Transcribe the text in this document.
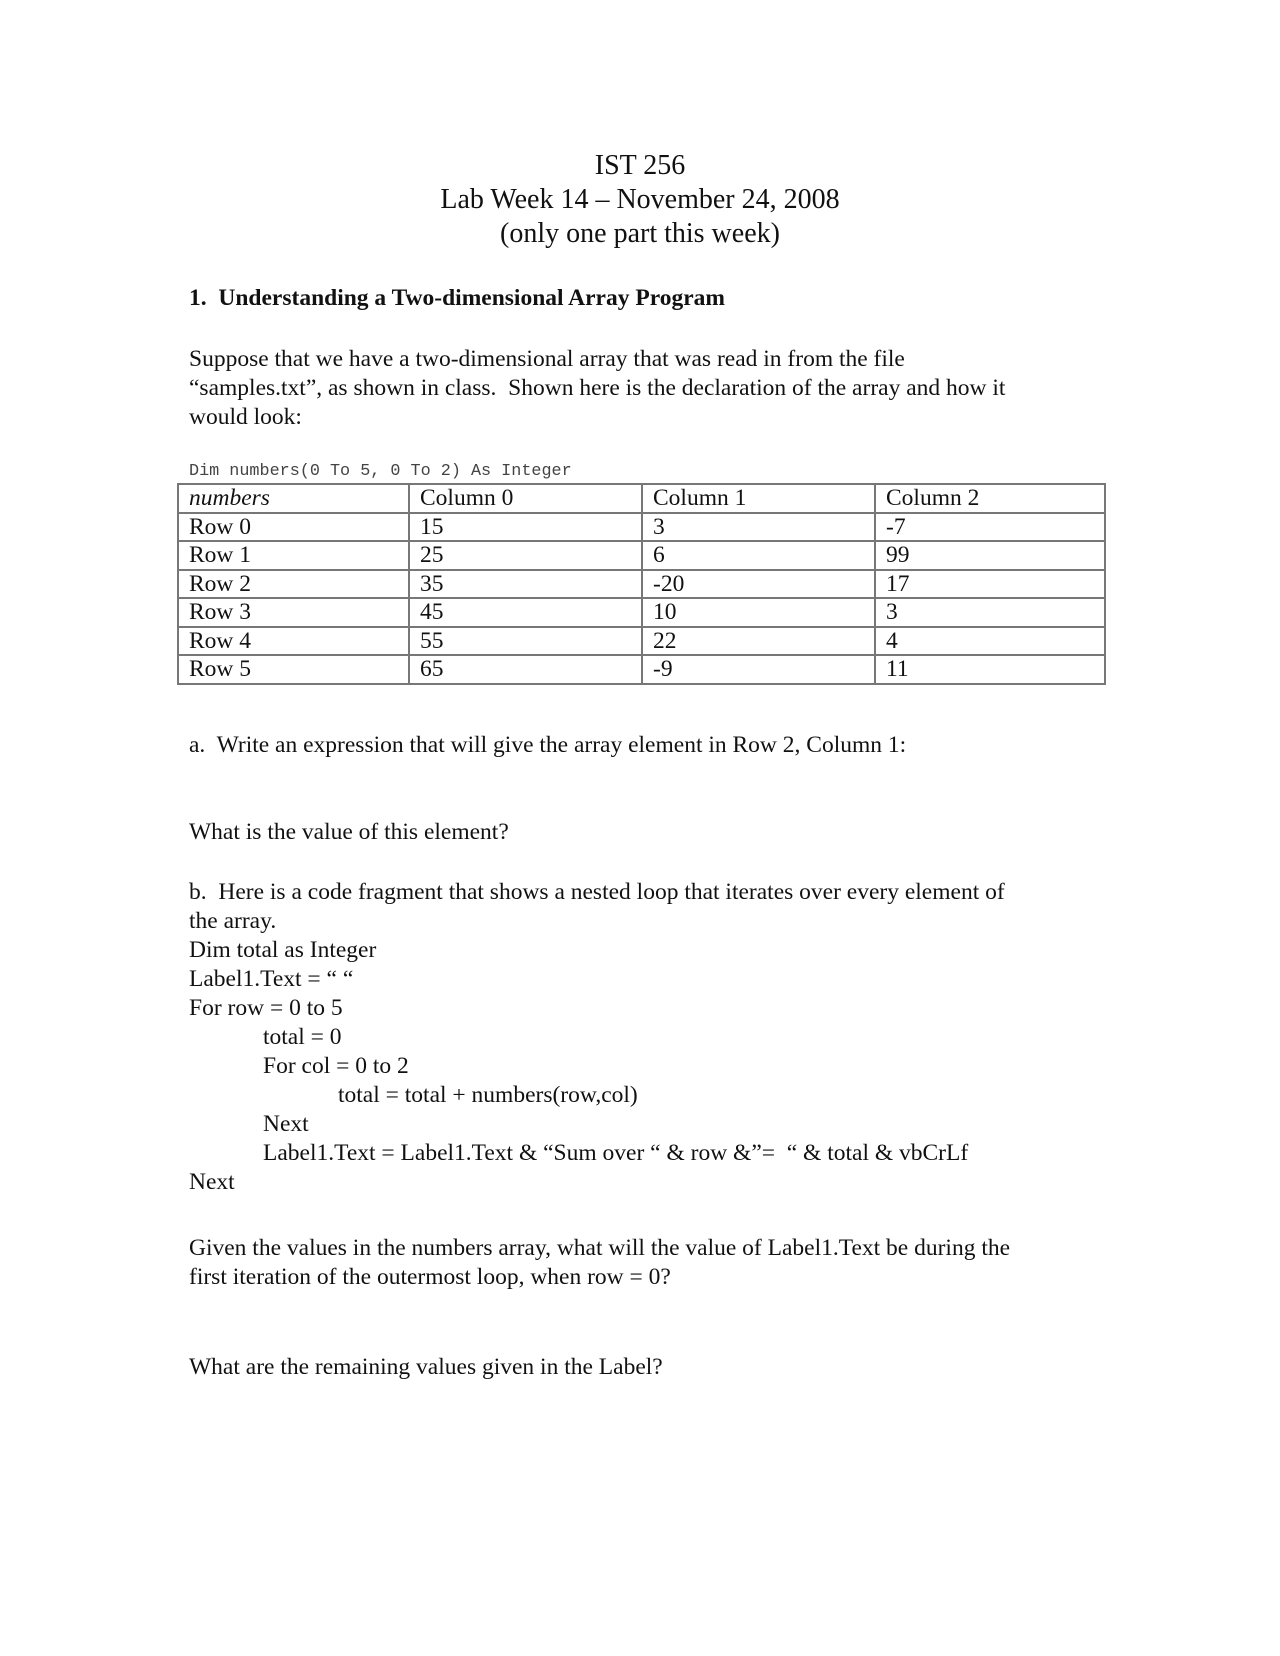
IST 256
Lab Week 14 – November 24, 2008
(only one part this week)
1.  Understanding a Two-dimensional Array Program
Suppose that we have a two-dimensional array that was read in from the file
“samples.txt”, as shown in class.  Shown here is the declaration of the array and how it
would look:
Dim numbers(0 To 5, 0 To 2) As Integer
numbers	Column 0	Column 1	Column 2
Row 0	15	3	-7
Row 1	25	6	99
Row 2	35	-20	17
Row 3	45	10	3
Row 4	55	22	4
Row 5	65	-9	11
a.  Write an expression that will give the array element in Row 2, Column 1:
What is the value of this element?
b.  Here is a code fragment that shows a nested loop that iterates over every element of
the array.
Dim total as Integer
Label1.Text = “ “
For row = 0 to 5
total = 0
For col = 0 to 2
total = total + numbers(row,col)
Next
Label1.Text = Label1.Text & “Sum over “ & row &”=  “ & total & vbCrLf
Next
Given the values in the numbers array, what will the value of Label1.Text be during the
first iteration of the outermost loop, when row = 0?
What are the remaining values given in the Label?
